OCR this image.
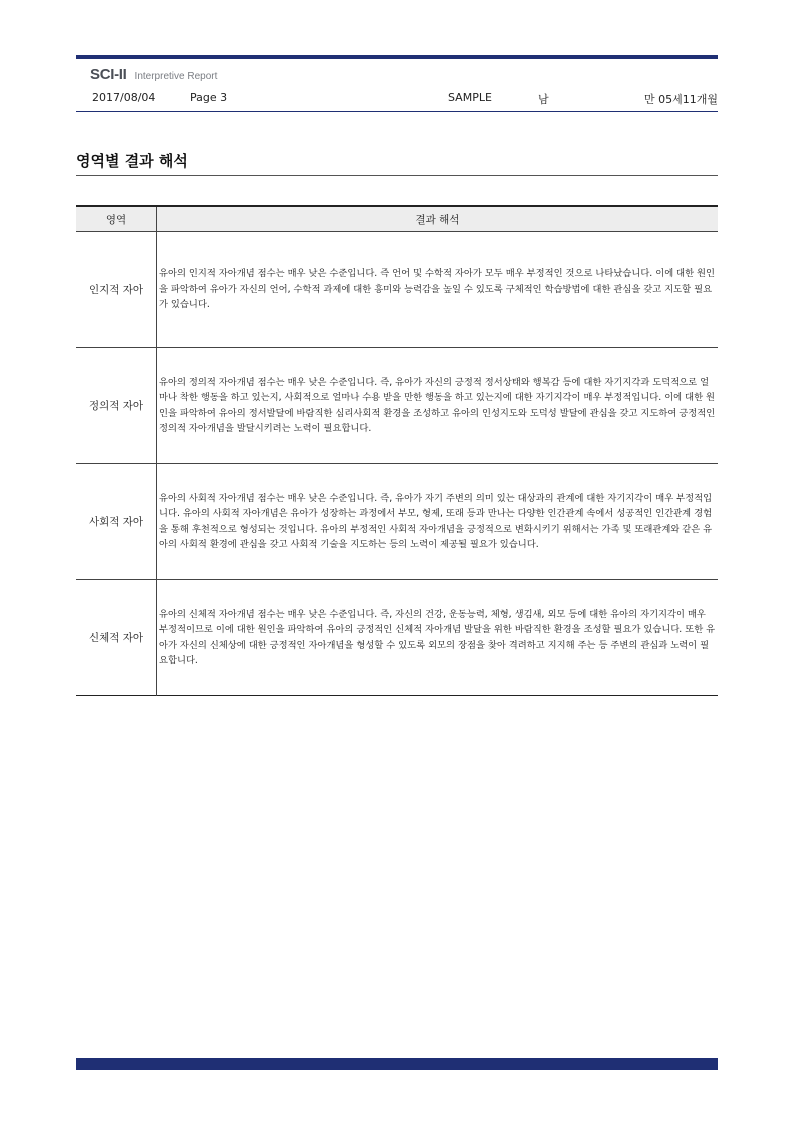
SCI-II Interpretive Report
2017/08/04	Page 3	SAMPLE	남	만 05세11개월
영역별 결과 해석
영역	결과 해석
인지적 자아	유아의 인지적 자아개념 점수는 매우 낮은 수준입니다. 즉 언어 및 수학적 자아가 모두 매우 부정적인 것으로 나타났습니다. 이에 대한 원인을 파악하여 유아가 자신의 언어, 수학적 과제에 대한 흥미와 능력감을 높일 수 있도록 구체적인 학습방법에 대한 관심을 갖고 지도할 필요가 있습니다.
정의적 자아	유아의 정의적 자아개념 점수는 매우 낮은 수준입니다. 즉, 유아가 자신의 긍정적 정서상태와 행복감 등에 대한 자기지각과 도덕적으로 얼마나 착한 행동을 하고 있는지, 사회적으로 얼마나 수용 받을 만한 행동을 하고 있는지에 대한 자기지각이 매우 부정적입니다. 이에 대한 원인을 파악하여 유아의 정서발달에 바람직한 심리사회적 환경을 조성하고 유아의 인성지도와 도덕성 발달에 관심을 갖고 지도하여 긍정적인 정의적 자아개념을 발달시키려는 노력이 필요합니다.
사회적 자아	유아의 사회적 자아개념 점수는 매우 낮은 수준입니다. 즉, 유아가 자기 주변의 의미 있는 대상과의 관계에 대한 자기지각이 매우 부정적입니다. 유아의 사회적 자아개념은 유아가 성장하는 과정에서 부모, 형제, 또래 등과 만나는 다양한 인간관계 속에서 성공적인 인간관계 경험을 통해 후천적으로 형성되는 것입니다. 유아의 부정적인 사회적 자아개념을 긍정적으로 변화시키기 위해서는 가족 및 또래관계와 같은 유아의 사회적 환경에 관심을 갖고 사회적 기술을 지도하는 등의 노력이 제공될 필요가 있습니다.
신체적 자아	유아의 신체적 자아개념 점수는 매우 낮은 수준입니다. 즉, 자신의 건강, 운동능력, 체형, 생김새, 외모 등에 대한 유아의 자기지각이 매우 부정적이므로 이에 대한 원인을 파악하여 유아의 긍정적인 신체적 자아개념 발달을 위한 바람직한 환경을 조성할 필요가 있습니다. 또한 유아가 자신의 신체상에 대한 긍정적인 자아개념을 형성할 수 있도록 외모의 장점을 찾아 격려하고 지지해 주는 등 주변의 관심과 노력이 필요합니다.
